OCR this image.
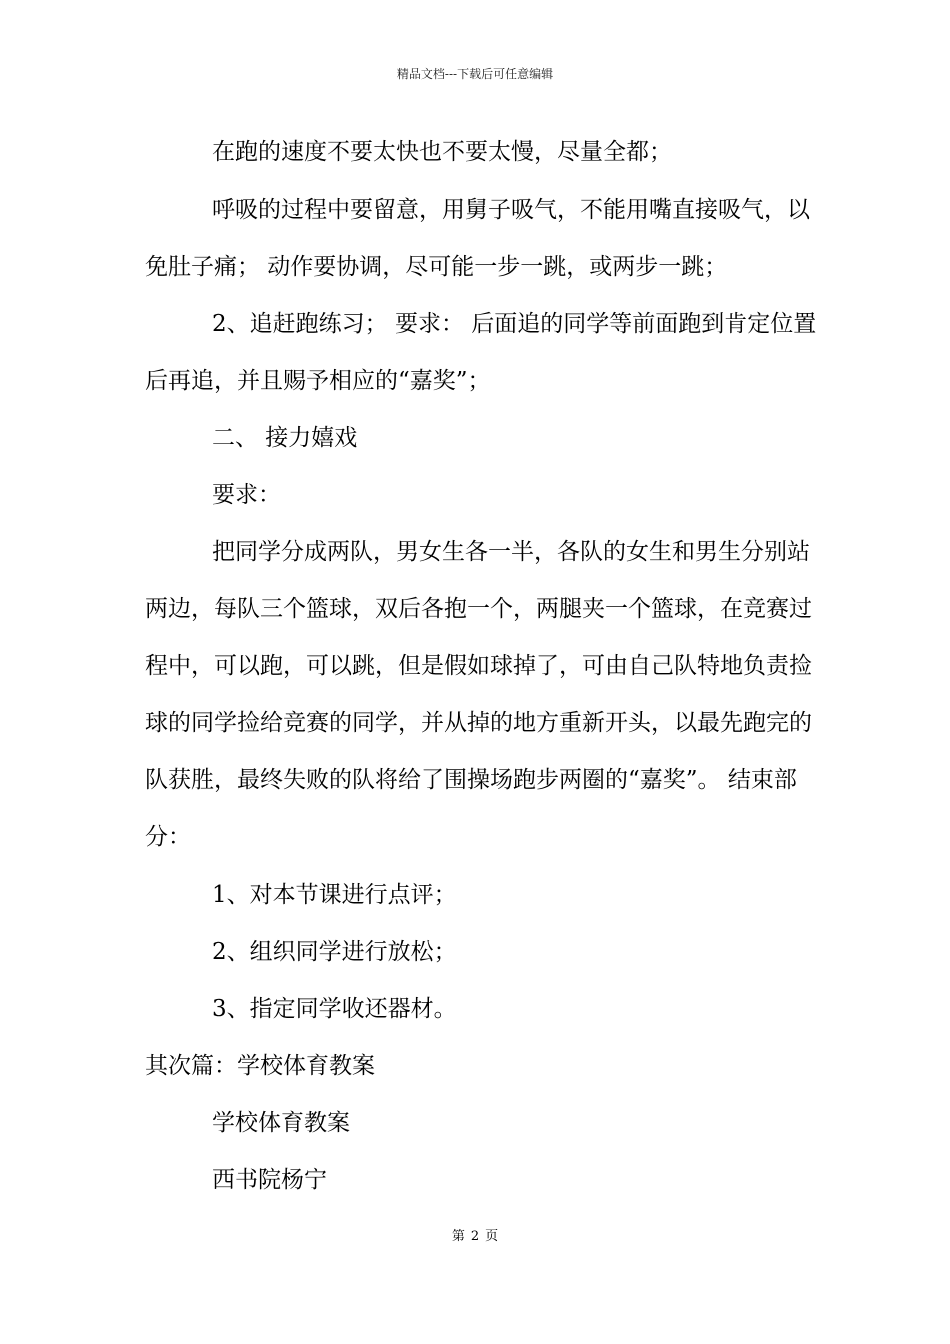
精品文档---下载后可任意编辑
在跑的速度不要太快也不要太慢，尽量全都；
呼吸的过程中要留意，用舅子吸气，不能用嘴直接吸气，以
免肚子痛； 动作要协调，尽可能一步一跳，或两步一跳；
2、追赶跑练习； 要求： 后面追的同学等前面跑到肯定位置
后再追，并且赐予相应的“嘉奖”；
二、 接力嬉戏
要求：
把同学分成两队，男女生各一半，各队的女生和男生分别站
两边，每队三个篮球，双后各抱一个，两腿夹一个篮球，在竞赛过
程中，可以跑，可以跳，但是假如球掉了，可由自己队特地负责捡
球的同学捡给竞赛的同学，并从掉的地方重新开头，以最先跑完的
队获胜，最终失败的队将给了围操场跑步两圈的“嘉奖”。 结束部
分：
1、对本节课进行点评；
2、组织同学进行放松；
3、指定同学收还器材。
其次篇：学校体育教案
学校体育教案
西书院杨宁
第 2 页
